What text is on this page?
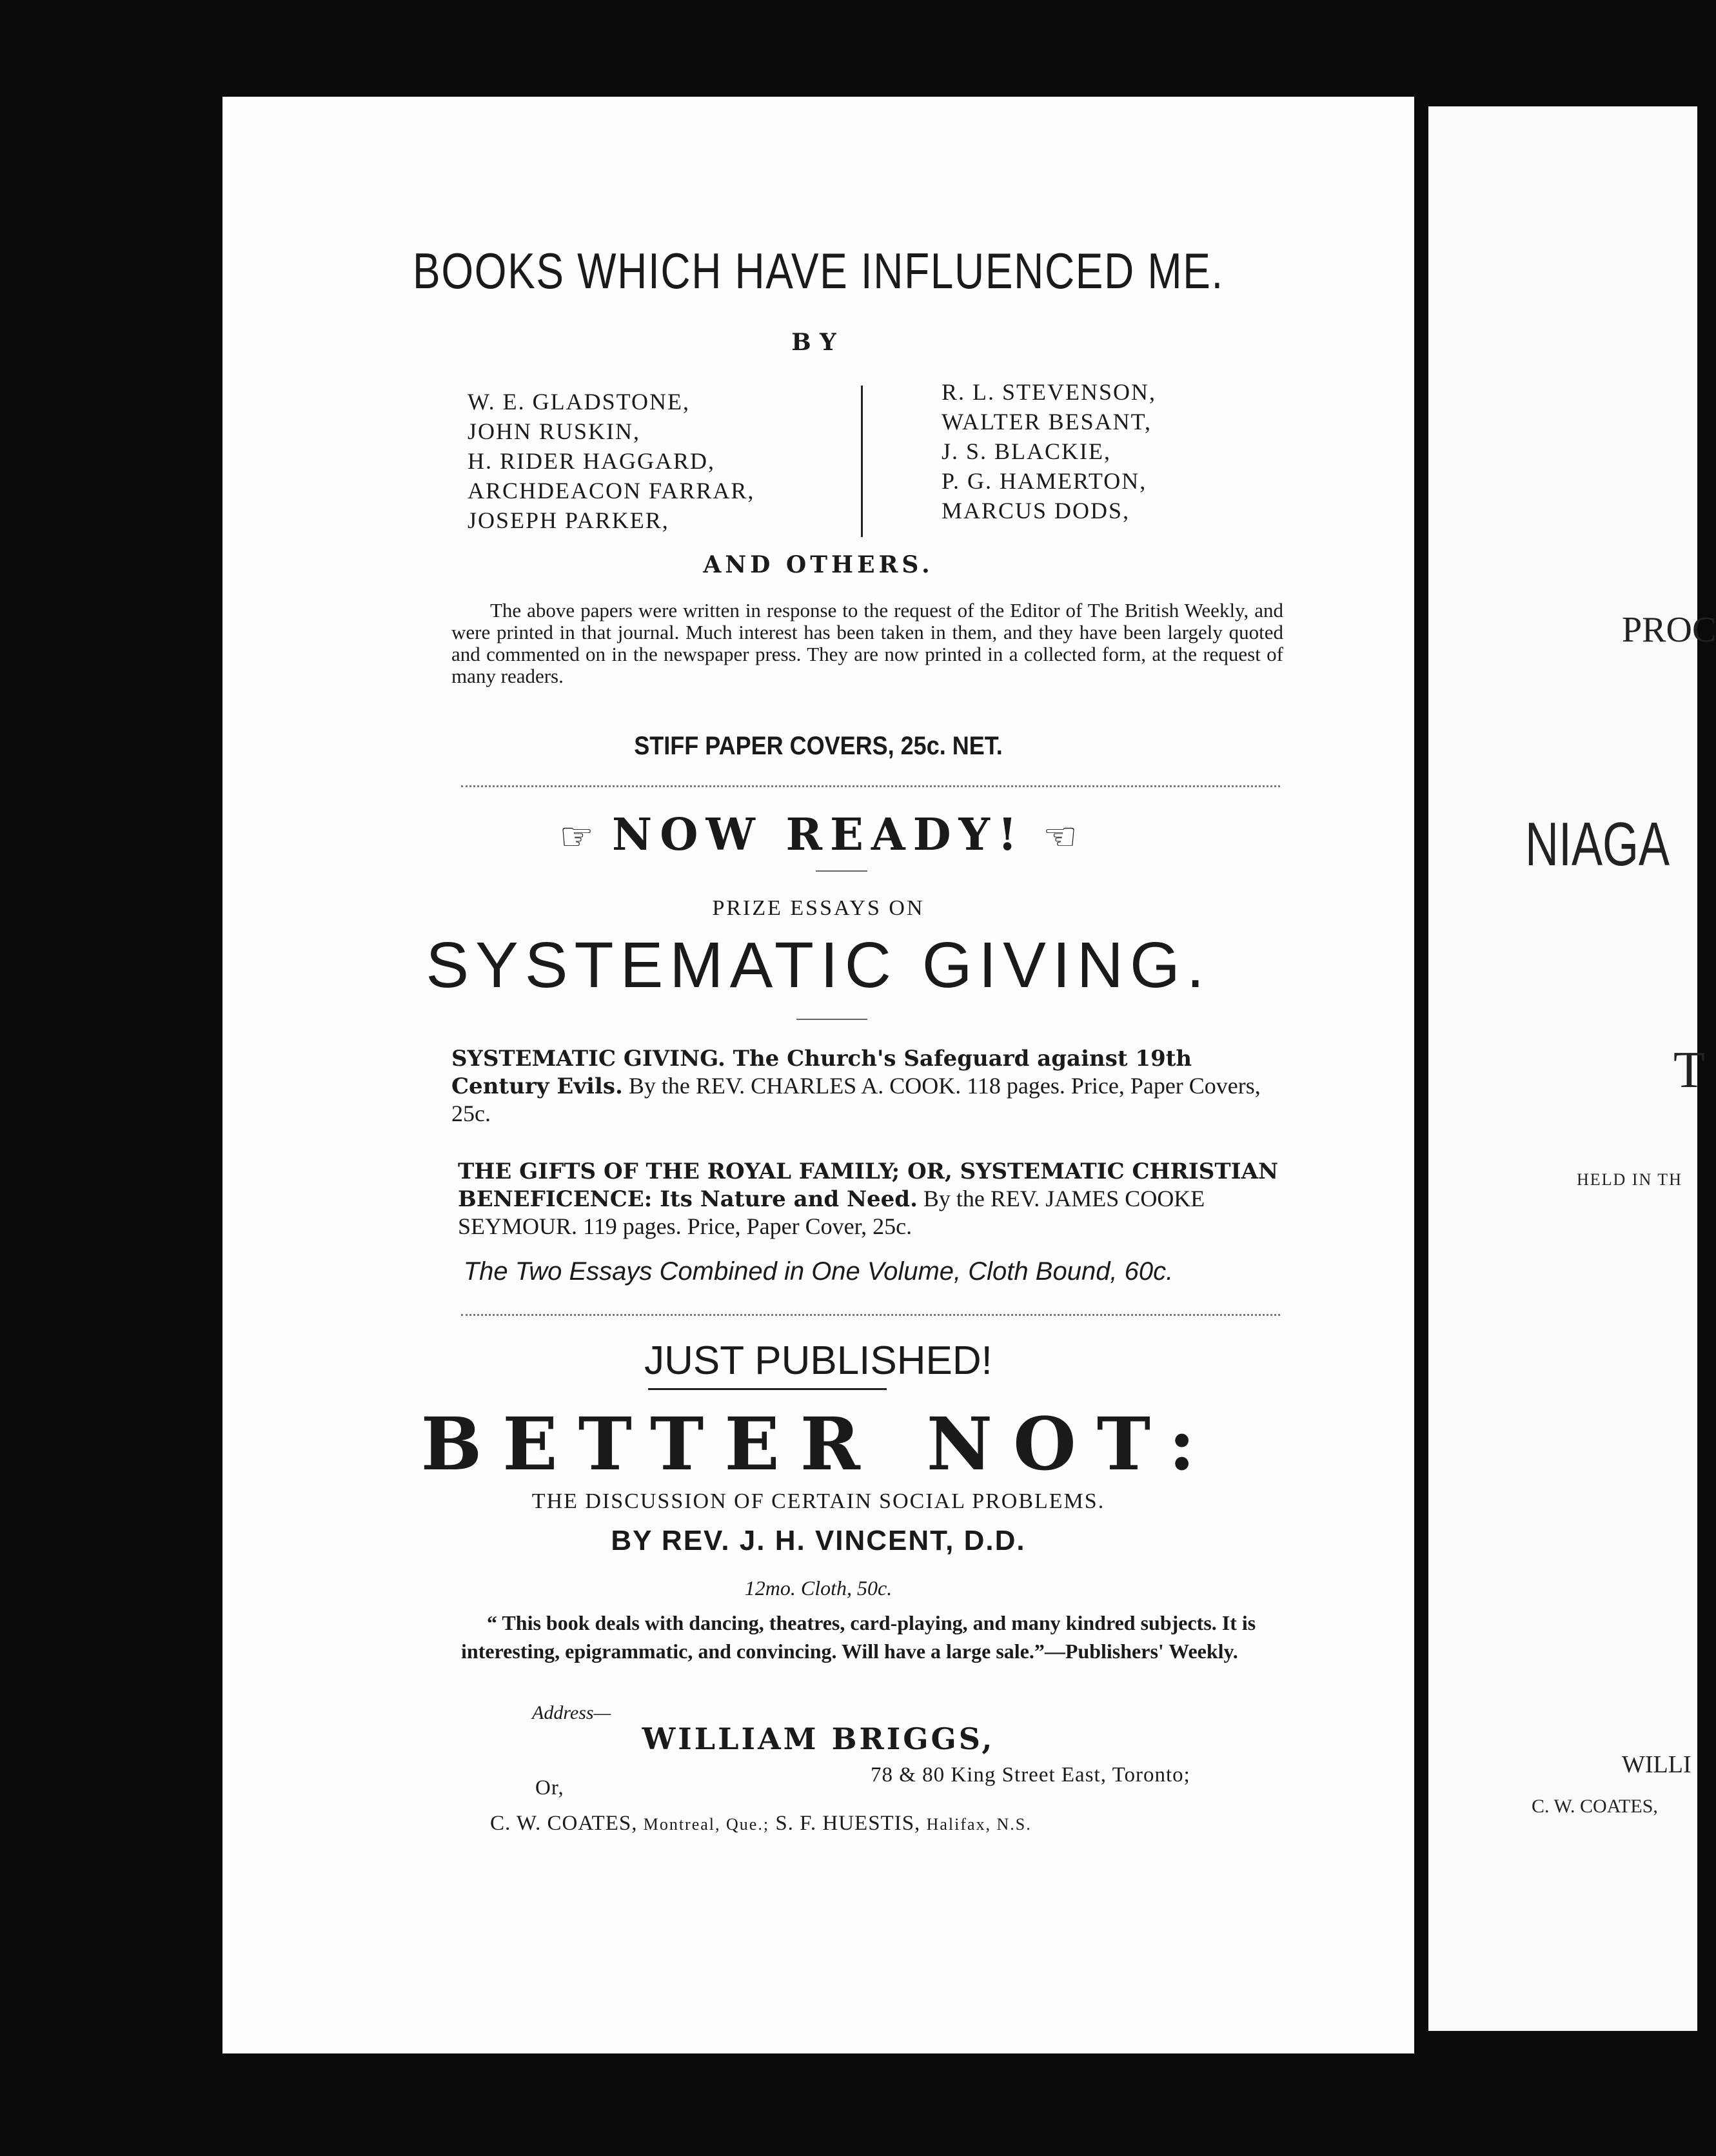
BOOKS WHICH HAVE INFLUENCED ME.
BY
W. E. GLADSTONE,
JOHN RUSKIN,
H. RIDER HAGGARD,
ARCHDEACON FARRAR,
JOSEPH PARKER,
R. L. STEVENSON,
WALTER BESANT,
J. S. BLACKIE,
P. G. HAMERTON,
MARCUS DODS,
AND OTHERS.
The above papers were written in response to the request of the Editor of The British Weekly, and were printed in that journal. Much interest has been taken in them, and they have been largely quoted and commented on in the newspaper press. They are now printed in a collected form, at the request of many readers.
STIFF PAPER COVERS, 25c. NET.
☞ NOW READY! ☜
PRIZE ESSAYS ON
SYSTEMATIC GIVING.
SYSTEMATIC GIVING. The Church's Safeguard against 19th Century Evils. By the REV. CHARLES A. COOK. 118 pages. Price, Paper Covers, 25c.
THE GIFTS OF THE ROYAL FAMILY; OR, SYSTEMATIC CHRISTIAN BENEFICENCE: Its Nature and Need. By the REV. JAMES COOKE SEYMOUR. 119 pages. Price, Paper Cover, 25c.
The Two Essays Combined in One Volume, Cloth Bound, 60c.
JUST PUBLISHED!
BETTER NOT:
THE DISCUSSION OF CERTAIN SOCIAL PROBLEMS.
BY REV. J. H. VINCENT, D.D.
12mo. Cloth, 50c.
“ This book deals with dancing, theatres, card-playing, and many kindred subjects. It is interesting, epigrammatic, and convincing. Will have a large sale.”—Publishers' Weekly.
Address—
WILLIAM BRIGGS,
Or,
78 & 80 King Street East, Toronto;
C. W. COATES, Montreal, Que.; S. F. HUESTIS, Halifax, N.S.
PROC
NIAGA
T
HELD IN TH
WILLI
C. W. COATES,
